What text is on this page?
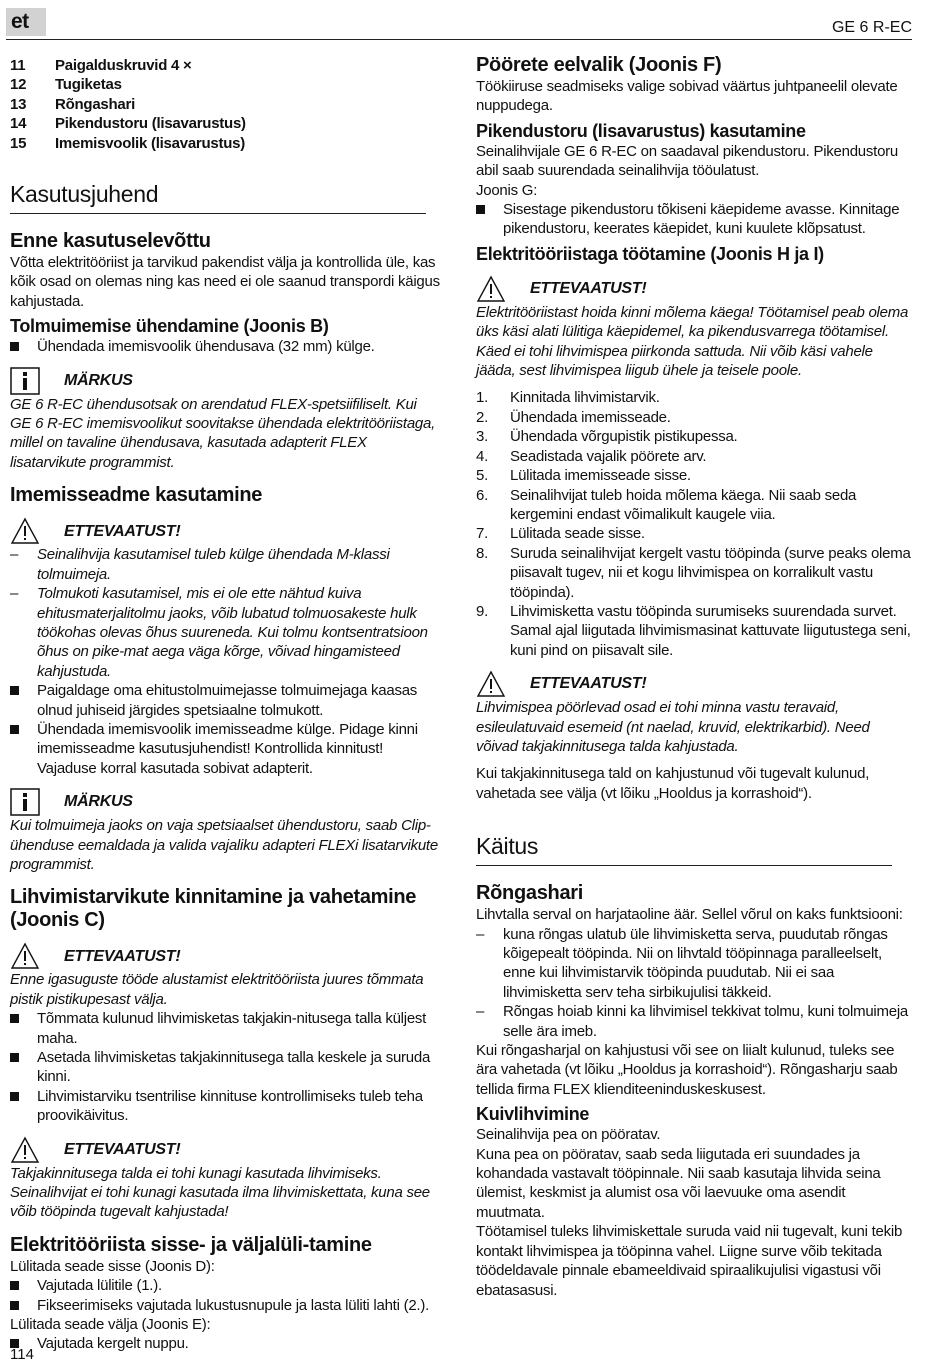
et	GE 6 R-EC
11	Paigalduskruvid 4 ×
12	Tugiketas
13	Rõngashari
14	Pikendustoru (lisavarustus)
15	Imemisvoolik (lisavarustus)
Kasutusjuhend
Enne kasutuselevõttu

Võtta elektritööriist ja tarvikud pakendist välja ja kontrollida üle, kas kõik osad on olemas ning kas need ei ole saanud transpordi käigus kahjustada.

Tolmuimemise ühendamine (Joonis B)
Ühendada imemisvoolik ühendusava (32 mm) külge.
MÄRKUS

GE 6 R-EC ühendusotsak on arendatud FLEX-spetsiifiliselt. Kui GE 6 R-EC imemisvoolikut soovitakse ühendada elektritööriistaga, millel on tavaline ühendusava, kasutada adapterit FLEX lisatarvikute programmist.

Imemisseadme kasutamine
ETTEVAATUST!
–	Seinalihvija kasutamisel tuleb külge ühendada M-klassi tolmuimeja.
–	Tolmukoti kasutamisel, mis ei ole ette nähtud kuiva ehitusmaterjalitolmu jaoks, võib lubatud tolmuosakeste hulk töökohas olevas õhus suureneda. Kui tolmu kontsentratsioon õhus on pike-mat aega väga kõrge, võivad hingamisteed kahjustuda.
Paigaldage oma ehitustolmuimejasse tolmuimejaga kaasas olnud juhiseid järgides spetsiaalne tolmukott.
Ühendada imemisvoolik imemisseadme külge. Pidage kinni imemisseadme kasutusjuhendist! Kontrollida kinnitust! Vajaduse korral kasutada sobivat adapterit.
MÄRKUS

Kui tolmuimeja jaoks on vaja spetsiaalset ühendustoru, saab Clip-ühenduse eemaldada ja valida vajaliku adapteri FLEXi lisatarvikute programmist.

Lihvimistarvikute kinnitamine ja vahetamine (Joonis C)
ETTEVAATUST!

Enne igasuguste tööde alustamist elektritööriista juures tõmmata pistik pistikupesast välja.

Tõmmata kulunud lihvimisketas takjakin-nitusega talla küljest maha.
Asetada lihvimisketas takjakinnitusega talla keskele ja suruda kinni.
Lihvimistarviku tsentrilise kinnituse kontrollimiseks tuleb teha proovikäivitus.
ETTEVAATUST!

Takjakinnitusega talda ei tohi kunagi kasutada lihvimiseks. Seinalihvijat ei tohi kunagi kasutada ilma lihvimiskettata, kuna see võib tööpinda tugevalt kahjustada!

Elektritööriista sisse- ja väljalüli-tamine

Lülitada seade sisse (Joonis D):

Vajutada lülitile (1.).
Fikseerimiseks vajutada lukustusnupule ja lasta lüliti lahti (2.).

Lülitada seade välja (Joonis E):

Vajutada kergelt nuppu.
Pöörete eelvalik (Joonis F)

Töökiiruse seadmiseks valige sobivad väärtus juhtpaneelil olevate nuppudega.

Pikendustoru (lisavarustus) kasutamine

Seinalihvijale GE 6 R-EC on saadaval pikendustoru. Pikendustoru abil saab suurendada seinalihvija tööulatust.

Joonis G:

Sisestage pikendustoru tõkiseni käepideme avasse. Kinnitage pikendustoru, keerates käepidet, kuni kuulete klõpsatust.
Elektritööriistaga töötamine (Joonis H ja I)
ETTEVAATUST!

Elektritööriistast hoida kinni mõlema käega! Töötamisel peab olema üks käsi alati lülitiga käepidemel, ka pikendusvarrega töötamisel. Käed ei tohi lihvimispea piirkonda sattuda. Nii võib käsi vahele jääda, sest lihvimispea liigub ühele ja teisele poole.

1.	Kinnitada lihvimistarvik.
2.	Ühendada imemisseade.
3.	Ühendada võrgupistik pistikupessa.
4.	Seadistada vajalik pöörete arv.
5.	Lülitada imemisseade sisse.
6.	Seinalihvijat tuleb hoida mõlema käega. Nii saab seda kergemini endast võimalikult kaugele viia.
7.	Lülitada seade sisse.
8.	Suruda seinalihvijat kergelt vastu tööpinda (surve peaks olema piisavalt tugev, nii et kogu lihvimispea on korralikult vastu tööpinda).
9.	Lihvimisketta vastu tööpinda surumiseks suurendada survet. Samal ajal liigutada lihvimismasinat kattuvate liigutustega seni, kuni pind on piisavalt sile.
ETTEVAATUST!

Lihvimispea pöörlevad osad ei tohi minna vastu teravaid, esileulatuvaid esemeid (nt naelad, kruvid, elektrikarbid). Need võivad takjakinnitusega talda kahjustada.

Kui takjakinnitusega tald on kahjustunud või tugevalt kulunud, vahetada see välja (vt lõiku „Hooldus ja korrashoid“).

Käitus
Rõngashari

Lihvtalla serval on harjataoline äär. Sellel võrul on kaks funktsiooni:

–	kuna rõngas ulatub üle lihvimisketta serva, puudutab rõngas kõigepealt tööpinda. Nii on lihvtald tööpinnaga paralleelselt, enne kui lihvimistarvik tööpinda puudutab. Nii ei saa lihvimisketta serv teha sirbikujulisi täkkeid.
–	Rõngas hoiab kinni ka lihvimisel tekkivat tolmu, kuni tolmuimeja selle ära imeb.

Kui rõngasharjal on kahjustusi või see on liialt kulunud, tuleks see ära vahetada (vt lõiku „Hooldus ja korrashoid“). Rõngasharju saab tellida firma FLEX klienditeeninduskeskusest.

Kuivlihvimine

Seinalihvija pea on pööratav.

Kuna pea on pööratav, saab seda liigutada eri suundades ja kohandada vastavalt tööpinnale. Nii saab kasutaja lihvida seina ülemist, keskmist ja alumist osa või laevuuke oma asendit muutmata.

Töötamisel tuleks lihvimiskettale suruda vaid nii tugevalt, kuni tekib kontakt lihvimispea ja tööpinna vahel. Liigne surve võib tekitada töödeldavale pinnale ebameeldivaid spiraalikujulisi vigastusi või ebatasasusi.

114
